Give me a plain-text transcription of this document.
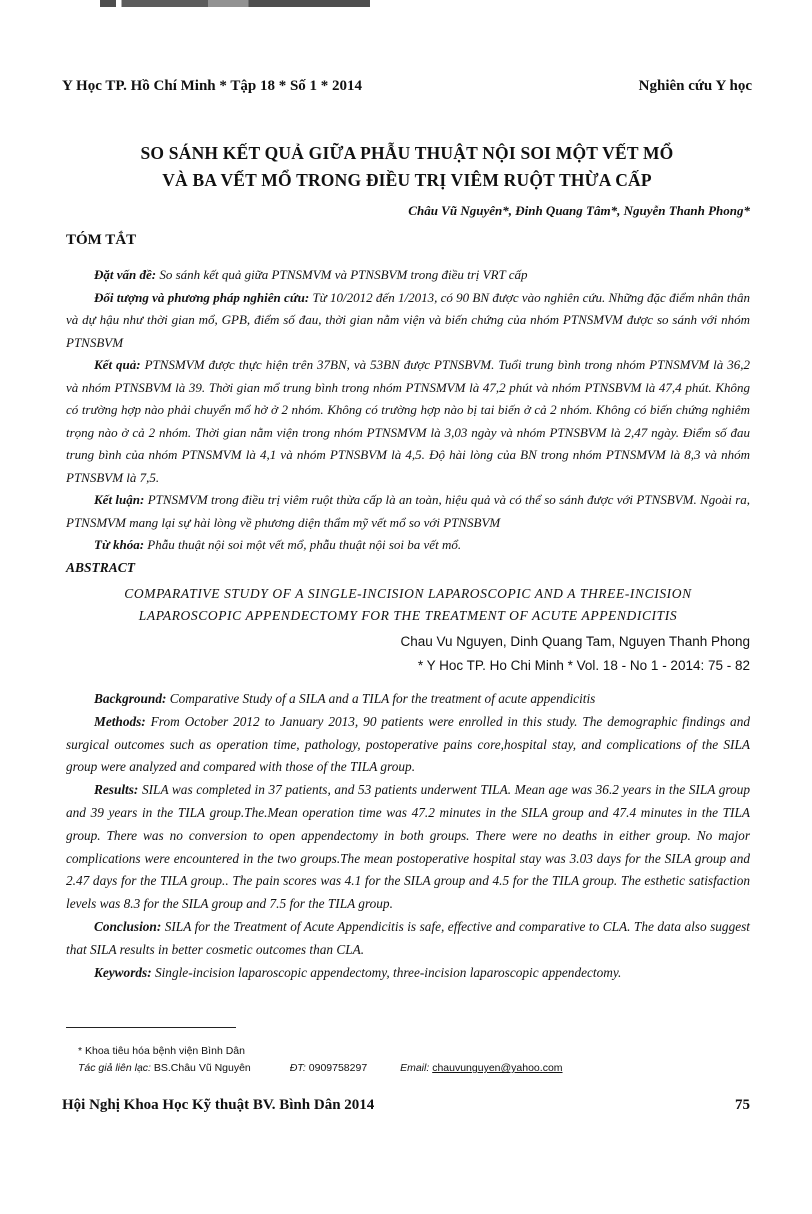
Y Học TP. Hồ Chí Minh * Tập 18 * Số 1 * 2014	Nghiên cứu Y học
SO SÁNH KẾT QUẢ GIỮA PHẪU THUẬT NỘI SOI MỘT VẾT MỔ
VÀ BA VẾT MỔ TRONG ĐIỀU TRỊ VIÊM RUỘT THỪA CẤP
Châu Vũ Nguyên*, Đinh Quang Tâm*, Nguyễn Thanh Phong*
TÓM TẮT

Đặt vấn đề: So sánh kết quả giữa PTNSMVM và PTNSBVM trong điều trị VRT cấp

Đối tượng và phương pháp nghiên cứu: Từ 10/2012 đến 1/2013, có 90 BN được vào nghiên cứu. Những đặc điểm nhân thân và dự hậu như thời gian mổ, GPB, điểm số đau, thời gian nằm viện và biến chứng của nhóm PTNSMVM được so sánh với nhóm PTNSBVM

Kết quả: PTNSMVM được thực hiện trên 37BN, và 53BN được PTNSBVM. Tuổi trung bình trong nhóm PTNSMVM là 36,2 và nhóm PTNSBVM là 39. Thời gian mổ trung bình trong nhóm PTNSMVM là 47,2 phút và nhóm PTNSBVM là 47,4 phút. Không có trường hợp nào phải chuyển mổ hở ở 2 nhóm. Không có trường hợp nào bị tai biến ở cả 2 nhóm. Không có biến chứng nghiêm trọng nào ở cả 2 nhóm. Thời gian nằm viện trong nhóm PTNSMVM là 3,03 ngày và nhóm PTNSBVM là 2,47 ngày. Điểm số đau trung bình của nhóm PTNSMVM là 4,1 và nhóm PTNSBVM là 4,5. Độ hài lòng của BN trong nhóm PTNSMVM là 8,3 và nhóm PTNSBVM là 7,5.

Kết luận: PTNSMVM trong điều trị viêm ruột thừa cấp là an toàn, hiệu quả và có thể so sánh được với PTNSBVM. Ngoài ra, PTNSMVM mang lại sự hài lòng về phương diện thẩm mỹ vết mổ so với PTNSBVM

Từ khóa: Phẫu thuật nội soi một vết mổ, phẫu thuật nội soi ba vết mổ.

ABSTRACT
COMPARATIVE STUDY OF A SINGLE-INCISION LAPAROSCOPIC AND A THREE-INCISION
LAPAROSCOPIC APPENDECTOMY FOR THE TREATMENT OF ACUTE APPENDICITIS
Chau Vu Nguyen, Dinh Quang Tam, Nguyen Thanh Phong
* Y Hoc TP. Ho Chi Minh * Vol. 18 - No 1 - 2014: 75 - 82

Background: Comparative Study of a SILA and a TILA for the treatment of acute appendicitis

Methods: From October 2012 to January 2013, 90 patients were enrolled in this study. The demographic findings and surgical outcomes such as operation time, pathology, postoperative pains core,hospital stay, and complications of the SILA group were analyzed and compared with those of the TILA group.

Results: SILA was completed in 37 patients, and 53 patients underwent TILA. Mean age was 36.2 years in the SILA group and 39 years in the TILA group.The.Mean operation time was 47.2 minutes in the SILA group and 47.4 minutes in the TILA group. There was no conversion to open appendectomy in both groups. There were no deaths in either group. No major complications were encountered in the two groups.The mean postoperative hospital stay was 3.03 days for the SILA group and 2.47 days for the TILA group.. The pain scores was 4.1 for the SILA group and 4.5 for the TILA group. The esthetic satisfaction levels was 8.3 for the SILA group and 7.5 for the TILA group.

Conclusion: SILA for the Treatment of Acute Appendicitis is safe, effective and comparative to CLA. The data also suggest that SILA results in better cosmetic outcomes than CLA.

Keywords: Single-incision laparoscopic appendectomy, three-incision laparoscopic appendectomy.

* Khoa tiêu hóa bệnh viện Bình Dân
Tác giả liên lạc: BS.Châu Vũ Nguyên	ĐT: 0909758297	Email: chauvunguyen@yahoo.com
Hội Nghị Khoa Học Kỹ thuật BV. Bình Dân 2014	75
